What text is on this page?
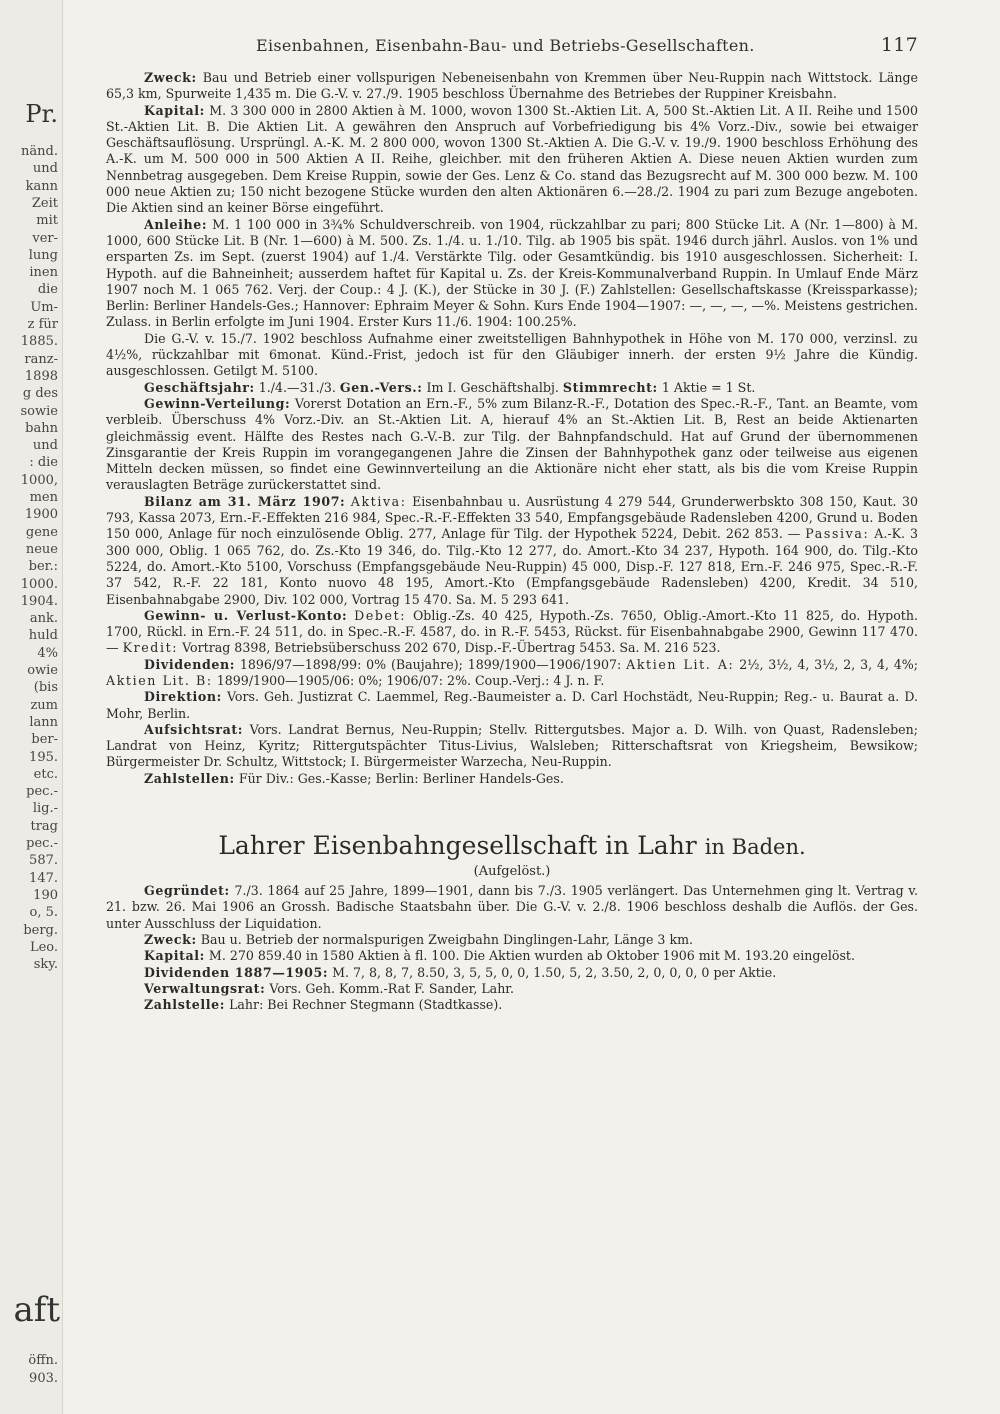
Pr.
nänd.
und
kann
Zeit
mit
ver-
lung
inen
die
Um-
z für
1885.
ranz-
1898
g des
sowie
bahn
und
: die
1000,
men
1900
gene
neue
ber.:
1000.
1904.
ank.
huld
4%
owie
(bis
zum
lann
ber-
195.
etc.
pec.-
lig.-
trag
pec.-
587.
147.
190
o, 5.
berg.
Leo.
sky.
aft
öffn.
903.
Eisenbahnen, Eisenbahn-Bau- und Betriebs-Gesellschaften.	117

Zweck: Bau und Betrieb einer vollspurigen Nebeneisenbahn von Kremmen über Neu-Ruppin nach Wittstock. Länge 65,3 km, Spurweite 1,435 m. Die G.-V. v. 27./9. 1905 beschloss Übernahme des Betriebes der Ruppiner Kreisbahn.

Kapital: M. 3 300 000 in 2800 Aktien à M. 1000, wovon 1300 St.-Aktien Lit. A, 500 St.-Aktien Lit. A II. Reihe und 1500 St.-Aktien Lit. B. Die Aktien Lit. A gewähren den Anspruch auf Vorbefriedigung bis 4% Vorz.-Div., sowie bei etwaiger Geschäftsauflösung. Ursprüngl. A.-K. M. 2 800 000, wovon 1300 St.-Aktien A. Die G.-V. v. 19./9. 1900 beschloss Erhöhung des A.-K. um M. 500 000 in 500 Aktien A II. Reihe, gleichber. mit den früheren Aktien A. Diese neuen Aktien wurden zum Nennbetrag ausgegeben. Dem Kreise Ruppin, sowie der Ges. Lenz & Co. stand das Bezugsrecht auf M. 300 000 bezw. M. 100 000 neue Aktien zu; 150 nicht bezogene Stücke wurden den alten Aktionären 6.—28./2. 1904 zu pari zum Bezuge angeboten. Die Aktien sind an keiner Börse eingeführt.

Anleihe: M. 1 100 000 in 3¾% Schuldverschreib. von 1904, rückzahlbar zu pari; 800 Stücke Lit. A (Nr. 1—800) à M. 1000, 600 Stücke Lit. B (Nr. 1—600) à M. 500. Zs. 1./4. u. 1./10. Tilg. ab 1905 bis spät. 1946 durch jährl. Auslos. von 1% und ersparten Zs. im Sept. (zuerst 1904) auf 1./4. Verstärkte Tilg. oder Gesamtkündig. bis 1910 ausgeschlossen. Sicherheit: I. Hypoth. auf die Bahneinheit; ausserdem haftet für Kapital u. Zs. der Kreis-Kommunalverband Ruppin. In Umlauf Ende März 1907 noch M. 1 065 762. Verj. der Coup.: 4 J. (K.), der Stücke in 30 J. (F.) Zahlstellen: Gesellschaftskasse (Kreissparkasse); Berlin: Berliner Handels-Ges.; Hannover: Ephraim Meyer & Sohn. Kurs Ende 1904—1907: —, —, —, —%. Meistens gestrichen. Zulass. in Berlin erfolgte im Juni 1904. Erster Kurs 11./6. 1904: 100.25%.

Die G.-V. v. 15./7. 1902 beschloss Aufnahme einer zweitstelligen Bahnhypothek in Höhe von M. 170 000, verzinsl. zu 4½%, rückzahlbar mit 6monat. Künd.-Frist, jedoch ist für den Gläubiger innerh. der ersten 9½ Jahre die Kündig. ausgeschlossen. Getilgt M. 5100.

Geschäftsjahr: 1./4.—31./3. Gen.-Vers.: Im I. Geschäftshalbj. Stimmrecht: 1 Aktie = 1 St.

Gewinn-Verteilung: Vorerst Dotation an Ern.-F., 5% zum Bilanz-R.-F., Dotation des Spec.-R.-F., Tant. an Beamte, vom verbleib. Überschuss 4% Vorz.-Div. an St.-Aktien Lit. A, hierauf 4% an St.-Aktien Lit. B, Rest an beide Aktienarten gleichmässig event. Hälfte des Restes nach G.-V.-B. zur Tilg. der Bahnpfandschuld. Hat auf Grund der übernommenen Zinsgarantie der Kreis Ruppin im vorangegangenen Jahre die Zinsen der Bahnhypothek ganz oder teilweise aus eigenen Mitteln decken müssen, so findet eine Gewinnverteilung an die Aktionäre nicht eher statt, als bis die vom Kreise Ruppin verauslagten Beträge zurückerstattet sind.

Bilanz am 31. März 1907: Aktiva: Eisenbahnbau u. Ausrüstung 4 279 544, Grunderwerbskto 308 150, Kaut. 30 793, Kassa 2073, Ern.-F.-Effekten 216 984, Spec.-R.-F.-Effekten 33 540, Empfangsgebäude Radensleben 4200, Grund u. Boden 150 000, Anlage für noch einzulösende Oblig. 277, Anlage für Tilg. der Hypothek 5224, Debit. 262 853. — Passiva: A.-K. 3 300 000, Oblig. 1 065 762, do. Zs.-Kto 19 346, do. Tilg.-Kto 12 277, do. Amort.-Kto 34 237, Hypoth. 164 900, do. Tilg.-Kto 5224, do. Amort.-Kto 5100, Vorschuss (Empfangsgebäude Neu-Ruppin) 45 000, Disp.-F. 127 818, Ern.-F. 246 975, Spec.-R.-F. 37 542, R.-F. 22 181, Konto nuovo 48 195, Amort.-Kto (Empfangsgebäude Radensleben) 4200, Kredit. 34 510, Eisenbahnabgabe 2900, Div. 102 000, Vortrag 15 470. Sa. M. 5 293 641.

Gewinn- u. Verlust-Konto: Debet: Oblig.-Zs. 40 425, Hypoth.-Zs. 7650, Oblig.-Amort.-Kto 11 825, do. Hypoth. 1700, Rückl. in Ern.-F. 24 511, do. in Spec.-R.-F. 4587, do. in R.-F. 5453, Rückst. für Eisenbahnabgabe 2900, Gewinn 117 470. — Kredit: Vortrag 8398, Betriebsüberschuss 202 670, Disp.-F.-Übertrag 5453. Sa. M. 216 523.

Dividenden: 1896/97—1898/99: 0% (Baujahre); 1899/1900—1906/1907: Aktien Lit. A: 2½, 3½, 4, 3½, 2, 3, 4, 4%; Aktien Lit. B: 1899/1900—1905/06: 0%; 1906/07: 2%. Coup.-Verj.: 4 J. n. F.

Direktion: Vors. Geh. Justizrat C. Laemmel, Reg.-Baumeister a. D. Carl Hochstädt, Neu-Ruppin; Reg.- u. Baurat a. D. Mohr, Berlin.

Aufsichtsrat: Vors. Landrat Bernus, Neu-Ruppin; Stellv. Rittergutsbes. Major a. D. Wilh. von Quast, Radensleben; Landrat von Heinz, Kyritz; Rittergutspächter Titus-Livius, Walsleben; Ritterschaftsrat von Kriegsheim, Bewsikow; Bürgermeister Dr. Schultz, Wittstock; I. Bürgermeister Warzecha, Neu-Ruppin.

Zahlstellen: Für Div.: Ges.-Kasse; Berlin: Berliner Handels-Ges.

Lahrer Eisenbahngesellschaft in Lahr in Baden.
(Aufgelöst.)

Gegründet: 7./3. 1864 auf 25 Jahre, 1899—1901, dann bis 7./3. 1905 verlängert. Das Unternehmen ging lt. Vertrag v. 21. bzw. 26. Mai 1906 an Grossh. Badische Staatsbahn über. Die G.-V. v. 2./8. 1906 beschloss deshalb die Auflös. der Ges. unter Ausschluss der Liquidation.

Zweck: Bau u. Betrieb der normalspurigen Zweigbahn Dinglingen-Lahr, Länge 3 km.

Kapital: M. 270 859.40 in 1580 Aktien à fl. 100. Die Aktien wurden ab Oktober 1906 mit M. 193.20 eingelöst.

Dividenden 1887—1905: M. 7, 8, 8, 7, 8.50, 3, 5, 5, 0, 0, 1.50, 5, 2, 3.50, 2, 0, 0, 0, 0 per Aktie.

Verwaltungsrat: Vors. Geh. Komm.-Rat F. Sander, Lahr.

Zahlstelle: Lahr: Bei Rechner Stegmann (Stadtkasse).
